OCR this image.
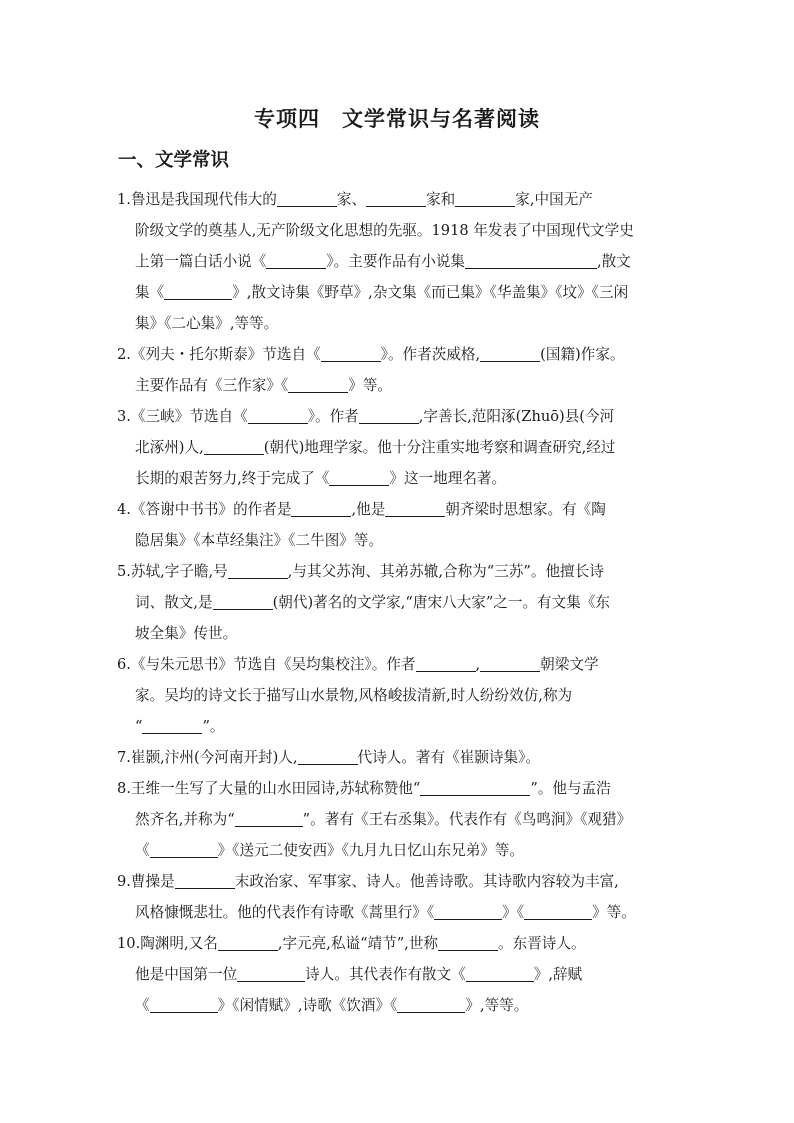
专项四　文学常识与名著阅读
一、文学常识
1.鲁迅是我国现代伟大的	家、	家和	家,中国无产
阶级文学的奠基人,无产阶级文化思想的先驱。1918 年发表了中国现代文学史
上第一篇白话小说《	》。主要作品有小说集	,散文
集《	》,散文诗集《野草》,杂文集《而已集》《华盖集》《坟》《三闲
集》《二心集》,等等。
2.《列夫・托尔斯泰》节选自《	》。作者茨威格,	(国籍)作家。
主要作品有《三作家》《	》等。
3.《三峡》节选自《	》。作者	,字善长,范阳涿(Zhuō)县(今河
北涿州)人,	(朝代)地理学家。他十分注重实地考察和调查研究,经过
长期的艰苦努力,终于完成了《	》这一地理名著。
4.《答谢中书书》的作者是	,他是	朝齐梁时思想家。有《陶
隐居集》《本草经集注》《二牛图》等。
5.苏轼,字子瞻,号	,与其父苏洵、其弟苏辙,合称为“三苏”。他擅长诗
词、散文,是	(朝代)著名的文学家,“唐宋八大家”之一。有文集《东
坡全集》传世。
6.《与朱元思书》节选自《吴均集校注》。作者	,	朝梁文学
家。吴均的诗文长于描写山水景物,风格峻拔清新,时人纷纷效仿,称为
“	”。
7.崔颢,汴州(今河南开封)人,	代诗人。著有《崔颢诗集》。
8.王维一生写了大量的山水田园诗,苏轼称赞他“	”。他与孟浩
然齐名,并称为“	”。著有《王右丞集》。代表作有《鸟鸣涧》《观猎》
《	》《送元二使安西》《九月九日忆山东兄弟》等。
9.曹操是	末政治家、军事家、诗人。他善诗歌。其诗歌内容较为丰富,
风格慷慨悲壮。他的代表作有诗歌《蒿里行》《	》《	》等。
10.陶渊明,又名	,字元亮,私谥“靖节”,世称	。东晋诗人。
他是中国第一位	诗人。其代表作有散文《	》,辞赋
《	》《闲情赋》,诗歌《饮酒》《	》,等等。
